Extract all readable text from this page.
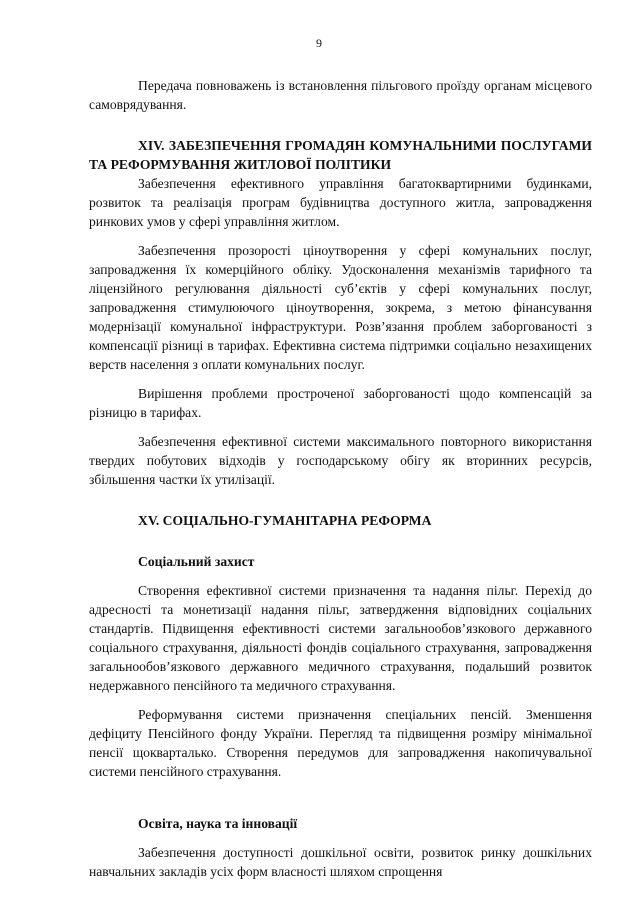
9

Передача повноважень із встановлення пільгового проїзду органам місцевого самоврядування.

XIV. ЗАБЕЗПЕЧЕННЯ ГРОМАДЯН КОМУНАЛЬНИМИ ПОСЛУГАМИ ТА РЕФОРМУВАННЯ ЖИТЛОВОЇ ПОЛІТИКИ

Забезпечення ефективного управління багатоквартирними будинками, розвиток та реалізація програм будівництва доступного житла, запровадження ринкових умов у сфері управління житлом.

Забезпечення прозорості ціноутворення у сфері комунальних послуг, запровадження їх комерційного обліку. Удосконалення механізмів тарифного та ліцензійного регулювання діяльності суб’єктів у сфері комунальних послуг, запровадження стимулюючого ціноутворення, зокрема, з метою фінансування модернізації комунальної інфраструктури. Розв’язання проблем заборгованості з компенсації різниці в тарифах. Ефективна система підтримки соціально незахищених верств населення з оплати комунальних послуг.

Вирішення проблеми простроченої заборгованості щодо компенсацій за різницю в тарифах.

Забезпечення ефективної системи максимального повторного використання твердих побутових відходів у господарському обігу як вторинних ресурсів, збільшення частки їх утилізації.

XV. СОЦІАЛЬНО-ГУМАНІТАРНА РЕФОРМА

Соціальний захист

Створення ефективної системи призначення та надання пільг. Перехід до адресності та монетизації надання пільг, затвердження відповідних соціальних стандартів. Підвищення ефективності системи загальнообов’язкового державного соціального страхування, діяльності фондів соціального страхування, запровадження загальнообов’язкового державного медичного страхування, подальший розвиток недержавного пенсійного та медичного страхування.

Реформування системи призначення спеціальних пенсій. Зменшення дефіциту Пенсійного фонду України. Перегляд та підвищення розміру мінімальної пенсії щокварталько. Створення передумов для запровадження накопичувальної системи пенсійного страхування.

Освіта, наука та інновації

Забезпечення доступності дошкільної освіти, розвиток ринку дошкільних навчальних закладів усіх форм власності шляхом спрощення
